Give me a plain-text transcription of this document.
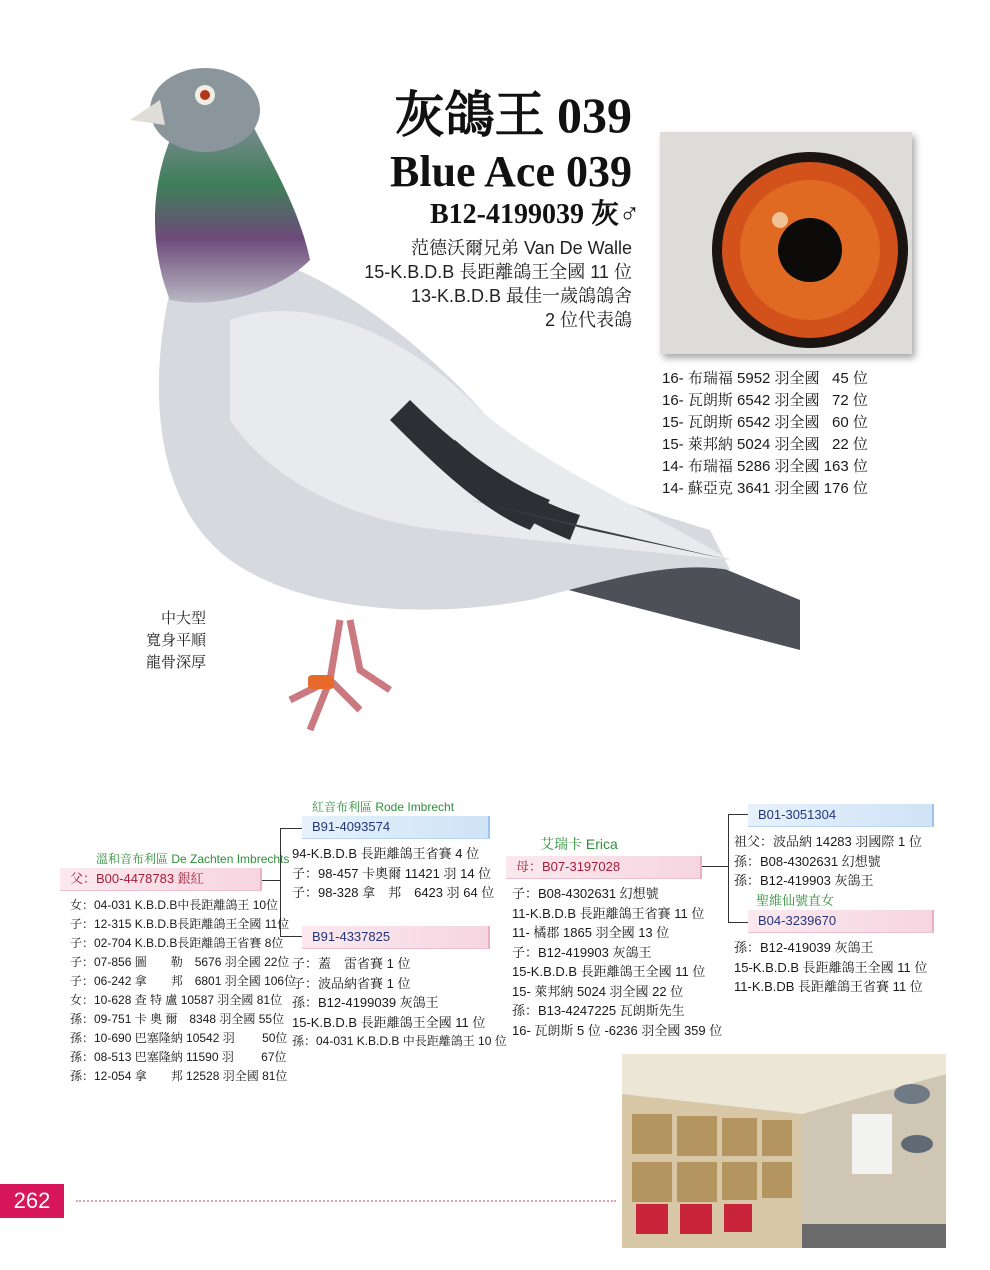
灰鴿王 039
Blue Ace 039
B12-4199039 灰♂
范德沃爾兄弟 Van De Walle
15-K.B.D.B 長距離鴿王全國 11 位
13-K.B.D.B 最佳一歲鴿鴿舍
2 位代表鴿
16- 布瑞福 5952 羽全國   45 位
16- 瓦朗斯 6542 羽全國   72 位
15- 瓦朗斯 6542 羽全國   60 位
15- 萊邦納 5024 羽全國   22 位
14- 布瑞福 5286 羽全國 163 位
14- 蘇亞克 3641 羽全國 176 位
中大型
寬身平順
龍骨深厚
溫和音布利區 De Zachten Imbrechts
父：B00-4478783 銀紅
女：04-031 K.B.D.B中長距離鴿王 10位
子：12-315 K.B.D.B長距離鴿王全國 11位
子：02-704 K.B.D.B長距離鴿王省賽 8位
子：07-856 圖　　勒　5676 羽全國 22位
子：06-242 拿　　邦　6801 羽全國 106位
女：10-628 查 特 盧 10587 羽全國 81位
孫：09-751 卡 奧 爾　8348 羽全國 55位
孫：10-690 巴塞隆納 10542 羽　　 50位
孫：08-513 巴塞隆納 11590 羽　　 67位
孫：12-054 拿　　邦 12528 羽全國 81位
紅音布利區 Rode Imbrecht
B91-4093574
94-K.B.D.B 長距離鴿王省賽 4 位
子：98-457 卡奧爾 11421 羽 14 位
子：98-328 拿　邦　6423 羽 64 位
B91-4337825
子：蓋　雷省賽 1 位
子：波品納省賽 1 位
孫：B12-4199039 灰鴿王
15-K.B.D.B 長距離鴿王全國 11 位
孫：04-031 K.B.D.B 中長距離鴿王 10 位
艾瑞卡 Erica
母：B07-3197028
子：B08-4302631 幻想號
11-K.B.D.B 長距離鴿王省賽 11 位
11- 橘郡 1865 羽全國 13 位
子：B12-419903 灰鴿王
15-K.B.D.B 長距離鴿王全國 11 位
15- 萊邦納 5024 羽全國 22 位
孫：B13-4247225 瓦朗斯先生
16- 瓦朗斯 5 位 -6236 羽全國 359 位
B01-3051304
祖父：波品納 14283 羽國際 1 位
孫：B08-4302631 幻想號
孫：B12-419903 灰鴿王
聖維仙號直女
B04-3239670
孫：B12-419039 灰鴿王
15-K.B.D.B 長距離鴿王全國 11 位
11-K.B.DB 長距離鴿王省賽 11 位
262
